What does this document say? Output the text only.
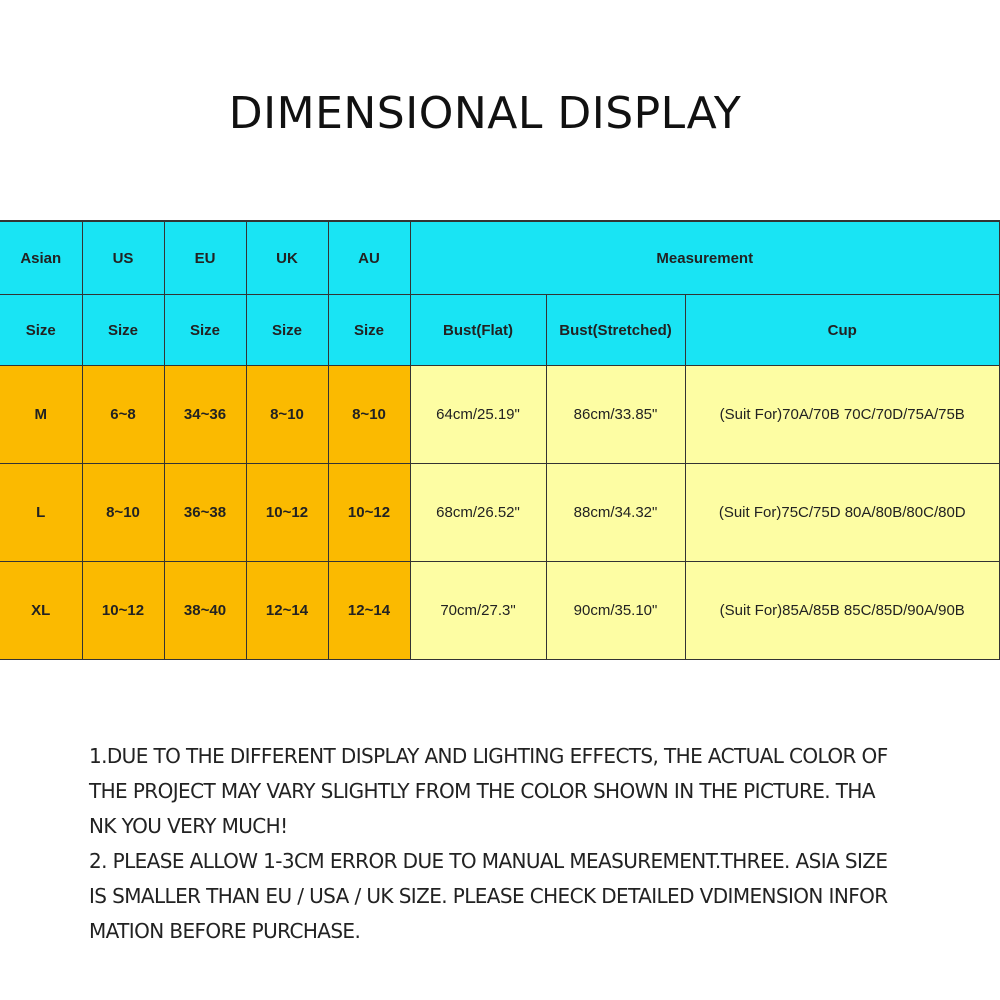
DIMENSIONAL DISPLAY
Asian	US	EU	UK	AU	Measurement		
Size	Size	Size	Size	Size	Bust(Flat)	Bust(Stretched)	Cup
M	6~8	34~36	8~10	8~10	64cm/25.19"	86cm/33.85"	(Suit For)70A/70B 70C/70D/75A/75B
L	8~10	36~38	10~12	10~12	68cm/26.52"	88cm/34.32"	(Suit For)75C/75D 80A/80B/80C/80D
XL	10~12	38~40	12~14	12~14	70cm/27.3"	90cm/35.10"	(Suit For)85A/85B 85C/85D/90A/90B

1.DUE TO THE DIFFERENT DISPLAY AND LIGHTING EFFECTS, THE ACTUAL COLOR OF
THE PROJECT MAY VARY SLIGHTLY FROM THE COLOR SHOWN IN THE PICTURE. THA
NK YOU VERY MUCH!

2. PLEASE ALLOW 1-3CM ERROR DUE TO MANUAL MEASUREMENT.THREE. ASIA SIZE
IS SMALLER THAN EU / USA / UK SIZE. PLEASE CHECK DETAILED VDIMENSION INFOR
MATION BEFORE PURCHASE.
